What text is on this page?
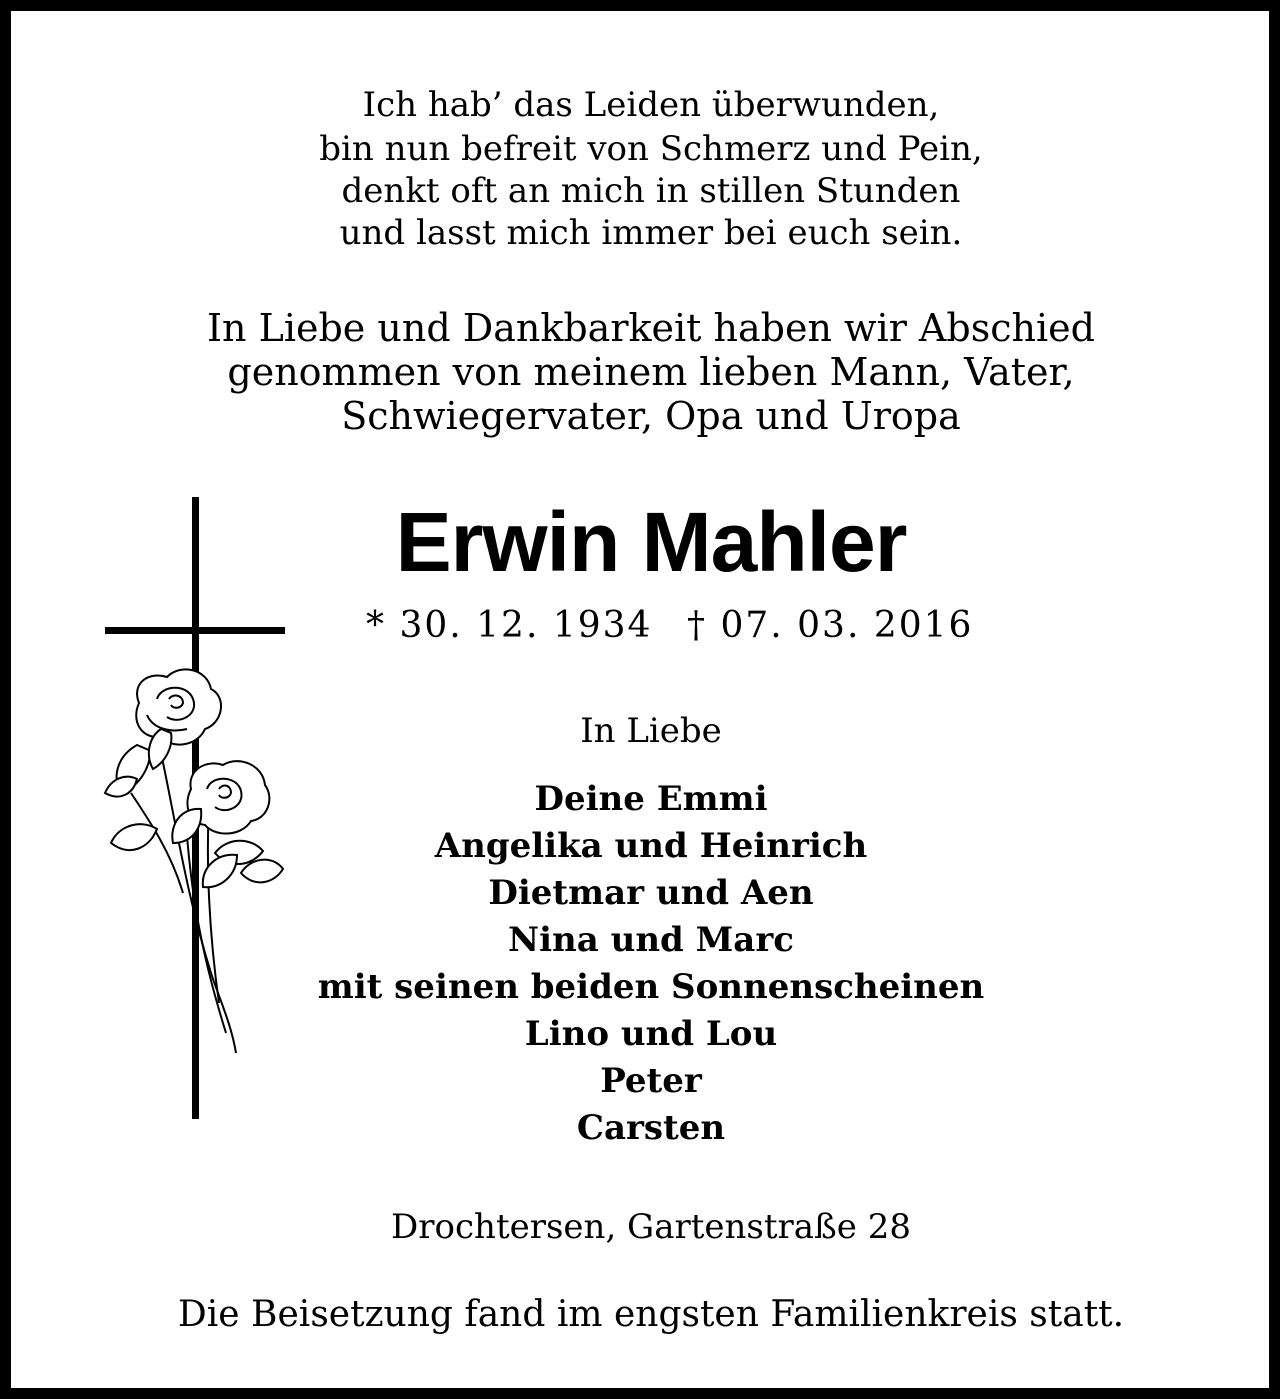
Ich hab’ das Leiden überwunden,
bin nun befreit von Schmerz und Pein,
denkt oft an mich in stillen Stunden
und lasst mich immer bei euch sein.
In Liebe und Dankbarkeit haben wir Abschied
genommen von meinem lieben Mann, Vater,
Schwiegervater, Opa und Uropa
Erwin Mahler
* 30. 12. 1934 † 07. 03. 2016
In Liebe
Deine Emmi
Angelika und Heinrich
Dietmar und Aen
Nina und Marc
mit seinen beiden Sonnenscheinen
Lino und Lou
Peter
Carsten
Drochtersen, Gartenstraße 28
Die Beisetzung fand im engsten Familienkreis statt.
